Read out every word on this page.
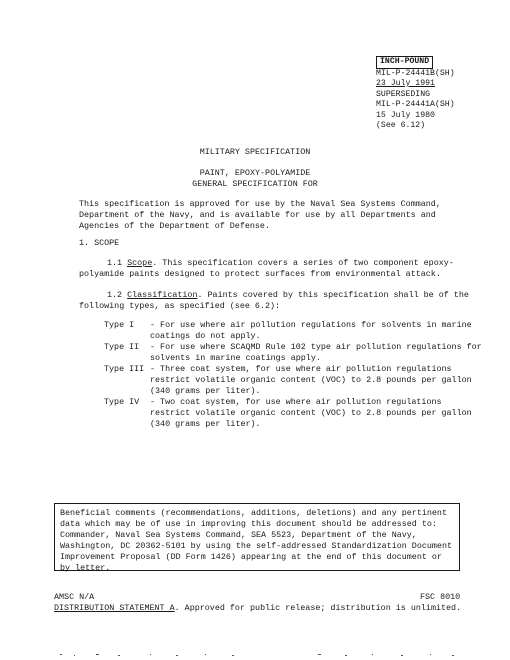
INCH-POUND
MIL-P-24441B(SH)
23 July 1991
SUPERSEDING
MIL-P-24441A(SH)
15 July 1980
(See 6.12)
MILITARY SPECIFICATION
PAINT, EPOXY-POLYAMIDE
GENERAL SPECIFICATION FOR

This specification is approved for use by the Naval Sea Systems Command, Department of the Navy, and is available for use by all Departments and Agencies of the Department of Defense.

1. SCOPE

1.1 Scope. This specification covers a series of two component epoxy-polyamide paints designed to protect surfaces from environmental attack.

1.2 Classification. Paints covered by this specification shall be of the following types, as specified (see 6.2):

Type I	- For use where air pollution regulations for solvents in marine coatings do not apply.
Type II	- For use where SCAQMD Rule 102 type air pollution regulations for solvents in marine coatings apply.
Type III - Three coat system, for use where air pollution regulations restrict volatile organic content (VOC) to 2.8 pounds per gallon (340 grams per liter).
Type IV	- Two coat system, for use where air pollution regulations restrict volatile organic content (VOC) to 2.8 pounds per gallon (340 grams per liter).
Beneficial comments (recommendations, additions, deletions) and any pertinent data which may be of use in improving this document should be addressed to: Commander, Naval Sea Systems Command, SEA 5523, Department of the Navy, Washington, DC 20362-5101 by using the self-addressed Standardization Document Improvement Proposal (DD Form 1426) appearing at the end of this document or by letter.
AMSC N/A	FSC 8010
DISTRIBUTION STATEMENT A. Approved for public release; distribution is unlimited.
